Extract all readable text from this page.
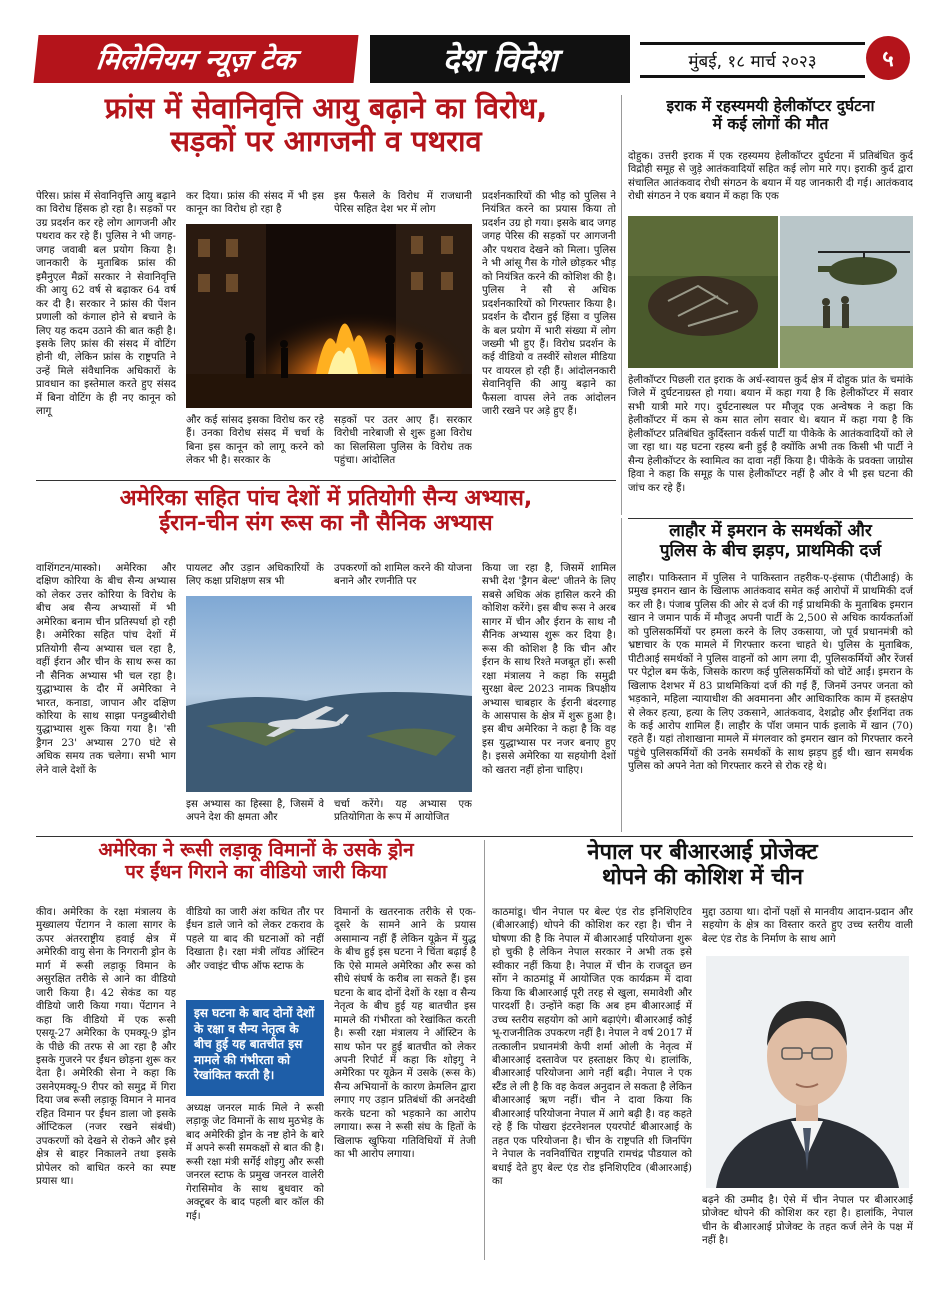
मिलेनियम न्यूज़ टेक	देश विदेश	मुंबई, १८ मार्च २०२३	५
फ्रांस में सेवानिवृत्ति आयु बढ़ाने का विरोध,
सड़कों पर आगजनी व पथराव

पेरिस। फ्रांस में सेवानिवृत्ति आयु बढ़ाने का विरोध हिंसक हो रहा है। सड़कों पर उग्र प्रदर्शन कर रहे लोग आगजनी और पथराव कर रहे हैं। पुलिस ने भी जगह-जगह जवाबी बल प्रयोग किया है। जानकारी के मुताबिक फ्रांस की इमैनुएल मैक्रों सरकार ने सेवानिवृत्ति की आयु 62 वर्ष से बढ़ाकर 64 वर्ष कर दी है। सरकार ने फ्रांस की पेंशन प्रणाली को कंगाल होने से बचाने के लिए यह कदम उठाने की बात कही है। इसके लिए फ्रांस की संसद में वोटिंग होनी थी, लेकिन फ्रांस के राष्ट्रपति ने उन्हें मिले संवैधानिक अधिकारों के प्रावधान का इस्तेमाल करते हुए संसद में बिना वोटिंग के ही नए कानून को लागू

कर दिया। फ्रांस की संसद में भी इस कानून का विरोध हो रहा है

इस फैसले के विरोध में राजधानी पेरिस सहित देश भर में लोग

और कई सांसद इसका विरोध कर रहे हैं। उनका विरोध संसद में चर्चा के बिना इस कानून को लागू करने को लेकर भी है। सरकार के

सड़कों पर उतर आए हैं। सरकार विरोधी नारेबाजी से शुरू हुआ विरोध का सिलसिला पुलिस के विरोध तक पहुंचा। आंदोलित

प्रदर्शनकारियों की भीड़ को पुलिस ने नियंत्रित करने का प्रयास किया तो प्रदर्शन उग्र हो गया। इसके बाद जगह जगह पेरिस की सड़कों पर आगजनी और पथराव देखने को मिला। पुलिस ने भी आंसू गैस के गोले छोड़कर भीड़ को नियंत्रित करने की कोशिश की है। पुलिस ने सौ से अधिक प्रदर्शनकारियों को गिरफ्तार किया है। प्रदर्शन के दौरान हुई हिंसा व पुलिस के बल प्रयोग में भारी संख्या में लोग जख्मी भी हुए हैं। विरोध प्रदर्शन के कई वीडियो व तस्वीरें सोशल मीडिया पर वायरल हो रही हैं। आंदोलनकारी सेवानिवृत्ति की आयु बढ़ाने का फैसला वापस लेने तक आंदोलन जारी रखने पर अड़े हुए हैं।

इराक में रहस्यमयी हेलीकॉप्टर दुर्घटना
में कई लोगों की मौत

दोहुक। उत्तरी इराक में एक रहस्यमय हेलीकॉप्टर दुर्घटना में प्रतिबंधित कुर्द विद्रोही समूह से जुड़े आतंकवादियों सहित कई लोग मारे गए। इराकी कुर्द द्वारा संचालित आतंकवाद रोधी संगठन के बयान में यह जानकारी दी गई। आतंकवाद रोधी संगठन ने एक बयान में कहा कि एक

हेलीकॉप्टर पिछली रात इराक के अर्ध-स्वायत्त कुर्द क्षेत्र में दोहुक प्रांत के चमांके जिले में दुर्घटनाग्रस्त हो गया। बयान में कहा गया है कि हेलीकॉप्टर में सवार सभी यात्री मारे गए। दुर्घटनास्थल पर मौजूद एक अन्वेषक ने कहा कि हेलीकॉप्टर में कम से कम सात लोग सवार थे। बयान में कहा गया है कि हेलीकॉप्टर प्रतिबंधित कुर्दिस्तान वर्कर्स पार्टी या पीकेके के आतंकवादियों को ले जा रहा था। यह घटना रहस्य बनी हुई है क्योंकि अभी तक किसी भी पार्टी ने सैन्य हेलीकॉप्टर के स्वामित्व का दावा नहीं किया है। पीकेके के प्रवक्ता जाग्रोस हिवा ने कहा कि समूह के पास हेलीकॉप्टर नहीं है और वे भी इस घटना की जांच कर रहे हैं।

अमेरिका सहित पांच देशों में प्रतियोगी सैन्य अभ्यास,
ईरान-चीन संग रूस का नौ सैनिक अभ्यास

वाशिंगटन/मास्को। अमेरिका और दक्षिण कोरिया के बीच सैन्य अभ्यास को लेकर उत्तर कोरिया के विरोध के बीच अब सैन्य अभ्यासों में भी अमेरिका बनाम चीन प्रतिस्पर्धा हो रही है। अमेरिका सहित पांच देशों में प्रतियोगी सैन्य अभ्यास चल रहा है, वहीं ईरान और चीन के साथ रूस का नौ सैनिक अभ्यास भी चल रहा है। युद्धाभ्यास के दौर में अमेरिका ने भारत, कनाडा, जापान और दक्षिण कोरिया के साथ साझा पनडुब्बीरोधी युद्धाभ्यास शुरू किया गया है। 'सी ड्रैगन 23' अभ्यास 270 घंटे से अधिक समय तक चलेगा। सभी भाग लेने वाले देशों के

पायलट और उड़ान अधिकारियों के लिए कक्षा प्रशिक्षण सत्र भी

उपकरणों को शामिल करने की योजना बनाने और रणनीति पर

इस अभ्यास का हिस्सा है, जिसमें वे अपने देश की क्षमता और

चर्चा करेंगे। यह अभ्यास एक प्रतियोगिता के रूप में आयोजित

किया जा रहा है, जिसमें शामिल सभी देश 'ड्रैगन बेल्ट' जीतने के लिए सबसे अधिक अंक हासिल करने की कोशिश करेंगे। इस बीच रूस ने अरब सागर में चीन और ईरान के साथ नौ सैनिक अभ्यास शुरू कर दिया है। रूस की कोशिश है कि चीन और ईरान के साथ रिश्ते मजबूत हों। रूसी रक्षा मंत्रालय ने कहा कि समुद्री सुरक्षा बेल्ट 2023 नामक त्रिपक्षीय अभ्यास चाबहार के ईरानी बंदरगाह के आसपास के क्षेत्र में शुरू हुआ है। इस बीच अमेरिका ने कहा है कि वह इस युद्धाभ्यास पर नजर बनाए हुए है। इससे अमेरिका या सहयोगी देशों को खतरा नहीं होना चाहिए।

लाहौर में इमरान के समर्थकों और
पुलिस के बीच झड़प, प्राथमिकी दर्ज

लाहौर। पाकिस्तान में पुलिस ने पाकिस्तान तहरीक-ए-इंसाफ (पीटीआई) के प्रमुख इमरान खान के खिलाफ आतंकवाद समेत कई आरोपों में प्राथमिकी दर्ज कर ली है। पंजाब पुलिस की ओर से दर्ज की गई प्राथमिकी के मुताबिक इमरान खान ने जमान पार्क में मौजूद अपनी पार्टी के 2,500 से अधिक कार्यकर्ताओं को पुलिसकर्मियों पर हमला करने के लिए उकसाया, जो पूर्व प्रधानमंत्री को भ्रष्टाचार के एक मामले में गिरफ्तार करना चाहते थे। पुलिस के मुताबिक, पीटीआई समर्थकों ने पुलिस वाहनों को आग लगा दी, पुलिसकर्मियों और रेंजर्स पर पेट्रोल बम फेंके, जिसके कारण कई पुलिसकर्मियों को चोटें आईं। इमरान के खिलाफ देशभर में 83 प्राथमिकियां दर्ज की गई हैं, जिनमें उनपर जनता को भड़काने, महिला न्यायाधीश की अवमानना और आधिकारिक काम में हस्तक्षेप से लेकर हत्या, हत्या के लिए उकसाने, आतंकवाद, देशद्रोह और ईशनिंदा तक के कई आरोप शामिल हैं। लाहौर के पॉश जमान पार्क इलाके में खान (70) रहते हैं। यहां तोशाखाना मामले में मंगलवार को इमरान खान को गिरफ्तार करने पहुंचे पुलिसकर्मियों की उनके समर्थकों के साथ झड़प हुई थी। खान समर्थक पुलिस को अपने नेता को गिरफ्तार करने से रोक रहे थे।

अमेरिका ने रूसी लड़ाकू विमानों के उसके ड्रोन
पर ईंधन गिराने का वीडियो जारी किया

कीव। अमेरिका के रक्षा मंत्रालय के मुख्यालय पेंटागन ने काला सागर के ऊपर अंतरराष्ट्रीय हवाई क्षेत्र में अमेरिकी वायु सेना के निगरानी ड्रोन के मार्ग में रूसी लड़ाकू विमान के असुरक्षित तरीके से आने का वीडियो जारी किया है। 42 सेकंड का यह वीडियो जारी किया गया। पेंटागन ने कहा कि वीडियो में एक रूसी एसयू-27 अमेरिका के एमक्यू-9 ड्रोन के पीछे की तरफ से आ रहा है और इसके गुजरने पर ईंधन छोड़ना शुरू कर देता है। अमेरिकी सेना ने कहा कि उसनेएमक्यू-9 रीपर को समुद्र में गिरा दिया जब रूसी लड़ाकू विमान ने मानव रहित विमान पर ईंधन डाला जो इसके ऑप्टिकल (नजर रखने संबंधी) उपकरणों को देखने से रोकने और इसे क्षेत्र से बाहर निकालने तथा इसके प्रोपेलर को बाधित करने का स्पष्ट प्रयास था।

वीडियो का जारी अंश कथित तौर पर ईंधन डाले जाने को लेकर टकराव के पहले या बाद की घटनाओं को नहीं दिखाता है। रक्षा मंत्री लॉयड ऑस्टिन और ज्वाइंट चीफ ऑफ स्टाफ के

इस घटना के बाद दोनों देशों के रक्षा व सैन्य नेतृत्व के बीच हुई यह बातचीत इस मामले की गंभीरता को रेखांकित करती है।

अध्यक्ष जनरल मार्क मिले ने रूसी लड़ाकू जेट विमानों के साथ मुठभेड़ के बाद अमेरिकी ड्रोन के नष्ट होने के बारे में अपने रूसी समकक्षों से बात की है। रूसी रक्षा मंत्री सर्गेई शोइगु और रूसी जनरल स्टाफ के प्रमुख जनरल वालेरी गेरासिमोव के साथ बुधवार को अक्टूबर के बाद पहली बार कॉल की गई।

विमानों के खतरनाक तरीके से एक-दूसरे के सामने आने के प्रयास असामान्य नहीं हैं लेकिन यूक्रेन में युद्ध के बीच हुई इस घटना ने चिंता बढ़ाई है कि ऐसे मामले अमेरिका और रूस को सीधे संघर्ष के करीब ला सकते हैं। इस घटना के बाद दोनों देशों के रक्षा व सैन्य नेतृत्व के बीच हुई यह बातचीत इस मामले की गंभीरता को रेखांकित करती है। रूसी रक्षा मंत्रालय ने ऑस्टिन के साथ फोन पर हुई बातचीत को लेकर अपनी रिपोर्ट में कहा कि शोइगु ने अमेरिका पर यूक्रेन में उसके (रूस के) सैन्य अभियानों के कारण क्रेमलिन द्वारा लगाए गए उड़ान प्रतिबंधों की अनदेखी करके घटना को भड़काने का आरोप लगाया। रूस ने रूसी संघ के हितों के खिलाफ खुफिया गतिविधियों में तेजी का भी आरोप लगाया।

नेपाल पर बीआरआई प्रोजेक्ट
थोपने की कोशिश में चीन

काठमांडू। चीन नेपाल पर बेल्ट एंड रोड इनिशिएटिव (बीआरआई) थोपने की कोशिश कर रहा है। चीन ने घोषणा की है कि नेपाल में बीआरआई परियोजना शुरू हो चुकी है लेकिन नेपाल सरकार ने अभी तक इसे स्वीकार नहीं किया है। नेपाल में चीन के राजदूत छन सोंग ने काठमांडू में आयोजित एक कार्यक्रम में दावा किया कि बीआरआई पूरी तरह से खुला, समावेशी और पारदर्शी है। उन्होंने कहा कि अब हम बीआरआई में उच्च स्तरीय सहयोग को आगे बढ़ाएंगे। बीआरआई कोई भू-राजनीतिक उपकरण नहीं है। नेपाल ने वर्ष 2017 में तत्कालीन प्रधानमंत्री केपी शर्मा ओली के नेतृत्व में बीआरआई दस्तावेज पर हस्ताक्षर किए थे। हालांकि, बीआरआई परियोजना आगे नहीं बढ़ी। नेपाल ने एक स्टैंड ले ली है कि वह केवल अनुदान ले सकता है लेकिन बीआरआई ऋण नहीं। चीन ने दावा किया कि बीआरआई परियोजना नेपाल में आगे बढ़ी है। वह कहते रहे हैं कि पोखरा इंटरनेशनल एयरपोर्ट बीआरआई के तहत एक परियोजना है। चीन के राष्ट्रपति शी जिनपिंग ने नेपाल के नवनिर्वाचित राष्ट्रपति रामचंद्र पौडयाल को बधाई देते हुए बेल्ट एंड रोड इनिशिएटिव (बीआरआई) का

मुद्दा उठाया था। दोनों पक्षों से मानवीय आदान-प्रदान और सहयोग के क्षेत्र का विस्तार करते हुए उच्च स्तरीय वाली बेल्ट एंड रोड के निर्माण के साथ आगे

बढ़ने की उम्मीद है। ऐसे में चीन नेपाल पर बीआरआई प्रोजेक्ट थोपने की कोशिश कर रहा है। हालांकि, नेपाल चीन के बीआरआई प्रोजेक्ट के तहत कर्ज लेने के पक्ष में नहीं है।
